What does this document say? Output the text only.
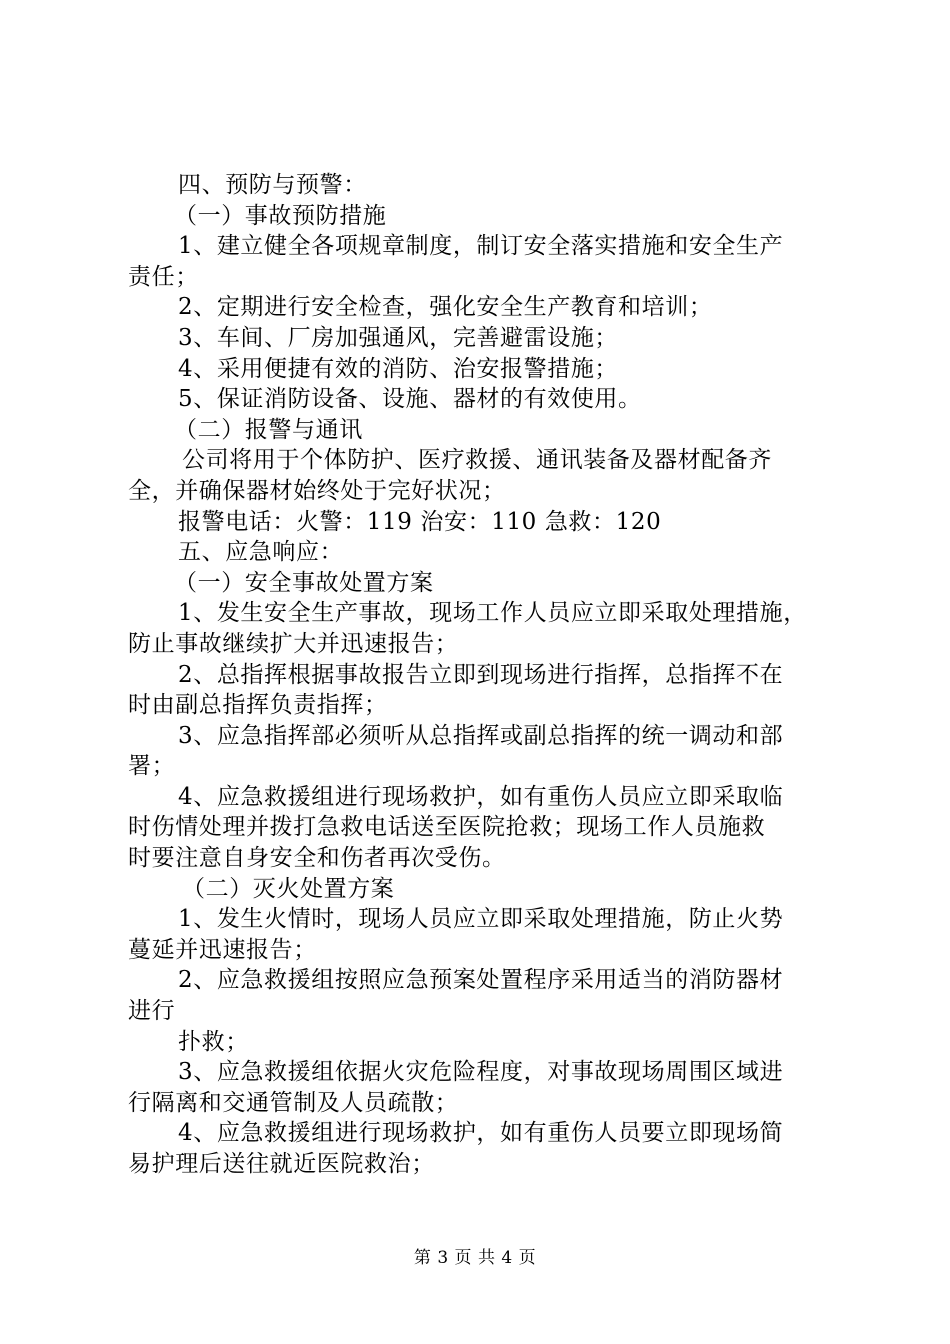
四、预防与预警：
（一）事故预防措施
1、建立健全各项规章制度，制订安全落实措施和安全生产
责任；
2、定期进行安全检查，强化安全生产教育和培训；
3、车间、厂房加强通风，完善避雷设施；
4、采用便捷有效的消防、治安报警措施；
5、保证消防设备、设施、器材的有效使用。
（二）报警与通讯
公司将用于个体防护、医疗救援、通讯装备及器材配备齐
全，并确保器材始终处于完好状况；
报警电话：火警：119 治安：110 急救：120
五、应急响应：
（一）安全事故处置方案
1、发生安全生产事故，现场工作人员应立即采取处理措施，
防止事故继续扩大并迅速报告；
2、总指挥根据事故报告立即到现场进行指挥，总指挥不在
时由副总指挥负责指挥；
3、应急指挥部必须听从总指挥或副总指挥的统一调动和部
署；
4、应急救援组进行现场救护，如有重伤人员应立即采取临
时伤情处理并拨打急救电话送至医院抢救；现场工作人员施救
时要注意自身安全和伤者再次受伤。
（二）灭火处置方案
1、发生火情时，现场人员应立即采取处理措施，防止火势
蔓延并迅速报告；
2、应急救援组按照应急预案处置程序采用适当的消防器材
进行
扑救；
3、应急救援组依据火灾危险程度，对事故现场周围区域进
行隔离和交通管制及人员疏散；
4、应急救援组进行现场救护，如有重伤人员要立即现场简
易护理后送往就近医院救治；
第 3 页 共 4 页
